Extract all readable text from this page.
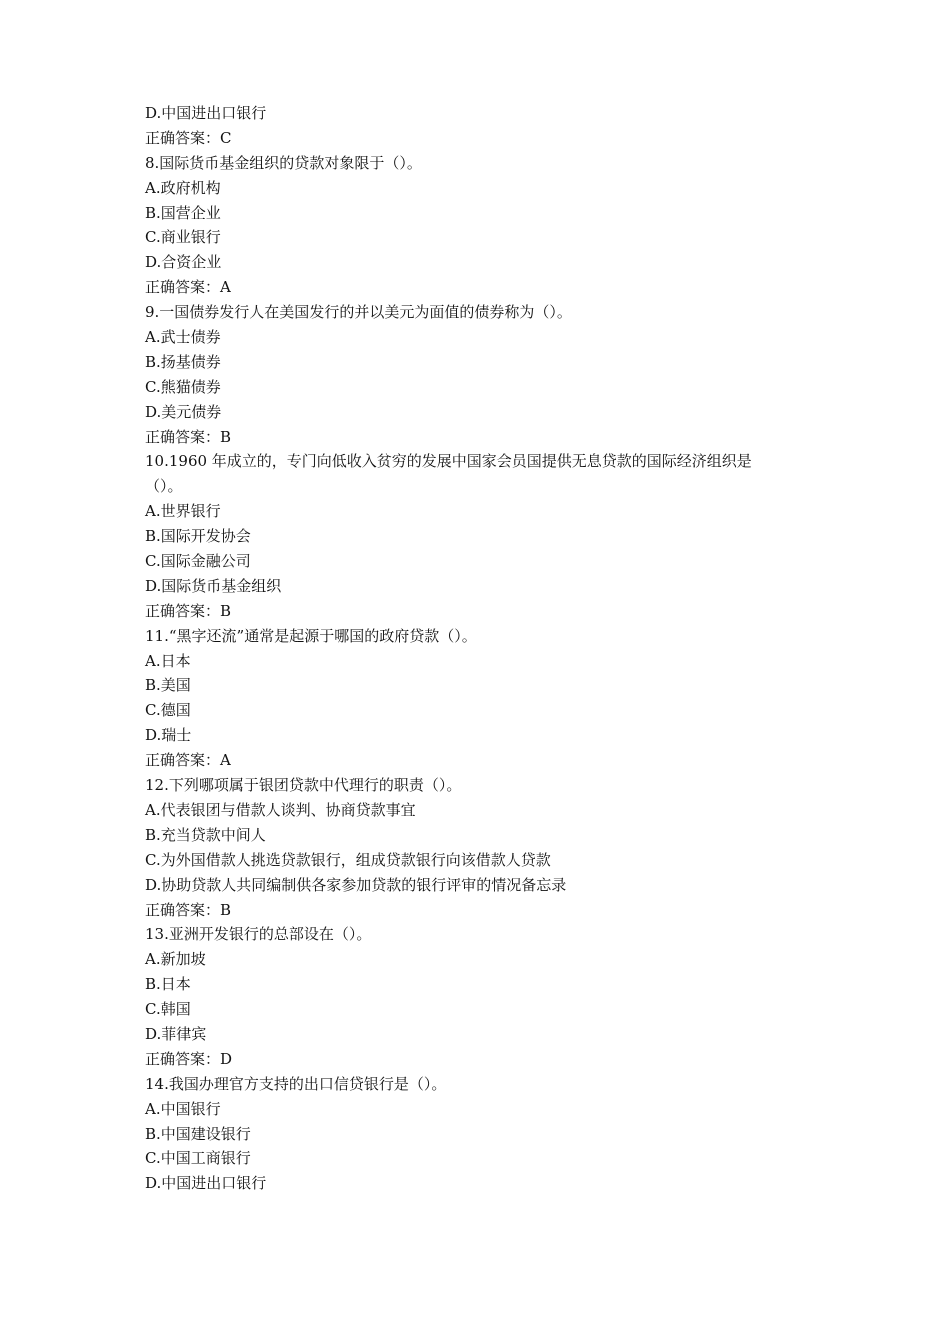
D.中国进出口银行
正确答案：C
8.国际货币基金组织的贷款对象限于（）。
A.政府机构
B.国营企业
C.商业银行
D.合资企业
正确答案：A
9.一国债券发行人在美国发行的并以美元为面值的债券称为（）。
A.武士债券
B.扬基债券
C.熊猫债券
D.美元债券
正确答案：B
10.1960 年成立的，专门向低收入贫穷的发展中国家会员国提供无息贷款的国际经济组织是
（）。
A.世界银行
B.国际开发协会
C.国际金融公司
D.国际货币基金组织
正确答案：B
11.“黑字还流”通常是起源于哪国的政府贷款（）。
A.日本
B.美国
C.德国
D.瑞士
正确答案：A
12.下列哪项属于银团贷款中代理行的职责（）。
A.代表银团与借款人谈判、协商贷款事宜
B.充当贷款中间人
C.为外国借款人挑选贷款银行，组成贷款银行向该借款人贷款
D.协助贷款人共同编制供各家参加贷款的银行评审的情况备忘录
正确答案：B
13.亚洲开发银行的总部设在（）。
A.新加坡
B.日本
C.韩国
D.菲律宾
正确答案：D
14.我国办理官方支持的出口信贷银行是（）。
A.中国银行
B.中国建设银行
C.中国工商银行
D.中国进出口银行
